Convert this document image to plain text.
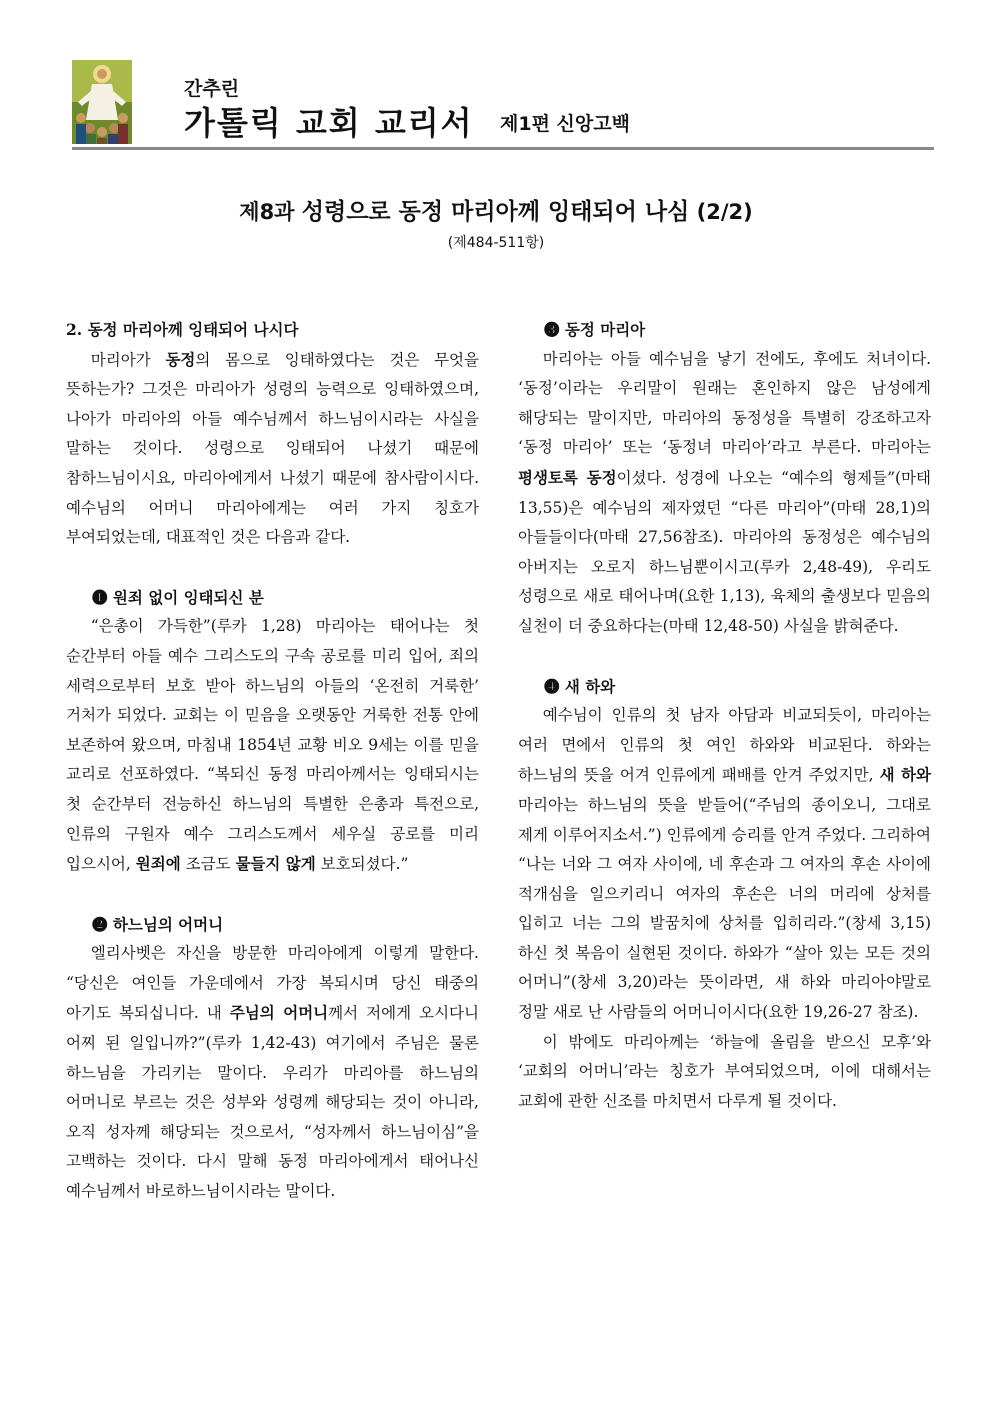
간추린
가톨릭 교회 교리서 제1편 신앙고백
제8과 성령으로 동정 마리아께 잉태되어 나심 (2/2)
(제484-511항)
2. 동정 마리아께 잉태되어 나시다

마리아가 동정의 몸으로 잉태하였다는 것은 무엇을 뜻하는가? 그것은 마리아가 성령의 능력으로 잉태하였으며, 나아가 마리아의 아들 예수님께서 하느님이시라는 사실을 말하는 것이다. 성령으로 잉태되어 나셨기 때문에 참하느님이시요, 마리아에게서 나셨기 때문에 참사람이시다. 예수님의 어머니 마리아에게는 여러 가지 칭호가 부여되었는데, 대표적인 것은 다음과 같다.

❶ 원죄 없이 잉태되신 분

“은총이 가득한”(루카 1,28) 마리아는 태어나는 첫 순간부터 아들 예수 그리스도의 구속 공로를 미리 입어, 죄의 세력으로부터 보호 받아 하느님의 아들의 ‘온전히 거룩한’ 거처가 되었다. 교회는 이 믿음을 오랫동안 거룩한 전통 안에 보존하여 왔으며, 마침내 1854년 교황 비오 9세는 이를 믿을 교리로 선포하였다. “복되신 동정 마리아께서는 잉태되시는 첫 순간부터 전능하신 하느님의 특별한 은총과 특전으로, 인류의 구원자 예수 그리스도께서 세우실 공로를 미리 입으시어, 원죄에 조금도 물들지 않게 보호되셨다.”

❷ 하느님의 어머니

엘리사벳은 자신을 방문한 마리아에게 이렇게 말한다. “당신은 여인들 가운데에서 가장 복되시며 당신 태중의 아기도 복되십니다. 내 주님의 어머니께서 저에게 오시다니 어찌 된 일입니까?”(루카 1,42-43) 여기에서 주님은 물론 하느님을 가리키는 말이다. 우리가 마리아를 하느님의 어머니로 부르는 것은 성부와 성령께 해당되는 것이 아니라, 오직 성자께 해당되는 것으로서, “성자께서 하느님이심”을 고백하는 것이다. 다시 말해 동정 마리아에게서 태어나신 예수님께서 바로하느님이시라는 말이다.

❸ 동정 마리아

마리아는 아들 예수님을 낳기 전에도, 후에도 처녀이다. ‘동정’이라는 우리말이 원래는 혼인하지 않은 남성에게 해당되는 말이지만, 마리아의 동정성을 특별히 강조하고자 ‘동정 마리아’ 또는 ‘동정녀 마리아’라고 부른다. 마리아는 평생토록 동정이셨다. 성경에 나오는 “예수의 형제들”(마태 13,55)은 예수님의 제자였던 “다른 마리아”(마태 28,1)의 아들들이다(마태 27,56참조). 마리아의 동정성은 예수님의 아버지는 오로지 하느님뿐이시고(루카 2,48-49), 우리도 성령으로 새로 태어나며(요한 1,13), 육체의 출생보다 믿음의 실천이 더 중요하다는(마태 12,48-50) 사실을 밝혀준다.

❹ 새 하와

예수님이 인류의 첫 남자 아담과 비교되듯이, 마리아는 여러 면에서 인류의 첫 여인 하와와 비교된다. 하와는 하느님의 뜻을 어겨 인류에게 패배를 안겨 주었지만, 새 하와 마리아는 하느님의 뜻을 받들어(“주님의 종이오니, 그대로 제게 이루어지소서.”) 인류에게 승리를 안겨 주었다. 그리하여 “나는 너와 그 여자 사이에, 네 후손과 그 여자의 후손 사이에 적개심을 일으키리니 여자의 후손은 너의 머리에 상처를 입히고 너는 그의 발꿈치에 상처를 입히리라.”(창세 3,15) 하신 첫 복음이 실현된 것이다. 하와가 “살아 있는 모든 것의 어머니”(창세 3,20)라는 뜻이라면, 새 하와 마리아야말로 정말 새로 난 사람들의 어머니이시다(요한 19,26-27 참조).

이 밖에도 마리아께는 ‘하늘에 올림을 받으신 모후’와 ‘교회의 어머니’라는 칭호가 부여되었으며, 이에 대해서는 교회에 관한 신조를 마치면서 다루게 될 것이다.
